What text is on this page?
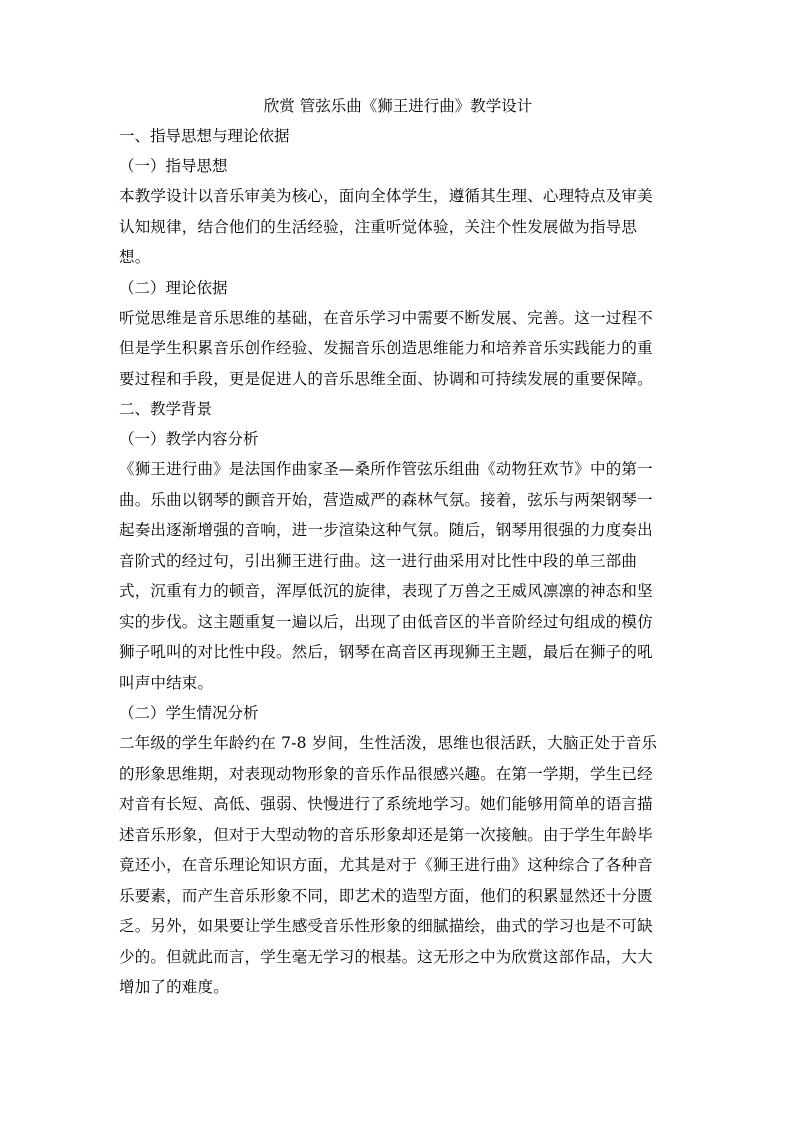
欣赏 管弦乐曲《狮王进行曲》教学设计
一、指导思想与理论依据
（一）指导思想
本教学设计以音乐审美为核心，面向全体学生，遵循其生理、心理特点及审美
认知规律，结合他们的生活经验，注重听觉体验，关注个性发展做为指导思
想。
（二）理论依据
听觉思维是音乐思维的基础，在音乐学习中需要不断发展、完善。这一过程不
但是学生积累音乐创作经验、发掘音乐创造思维能力和培养音乐实践能力的重
要过程和手段，更是促进人的音乐思维全面、协调和可持续发展的重要保障。
二、教学背景
（一）教学内容分析
《狮王进行曲》是法国作曲家圣—桑所作管弦乐组曲《动物狂欢节》中的第一
曲。乐曲以钢琴的颤音开始，营造威严的森林气氛。接着，弦乐与两架钢琴一
起奏出逐渐增强的音响，进一步渲染这种气氛。随后，钢琴用很强的力度奏出
音阶式的经过句，引出狮王进行曲。这一进行曲采用对比性中段的单三部曲
式，沉重有力的顿音，浑厚低沉的旋律，表现了万兽之王威风凛凛的神态和坚
实的步伐。这主题重复一遍以后，出现了由低音区的半音阶经过句组成的模仿
狮子吼叫的对比性中段。然后，钢琴在高音区再现狮王主题，最后在狮子的吼
叫声中结束。
（二）学生情况分析
二年级的学生年龄约在 7-8 岁间，生性活泼，思维也很活跃，大脑正处于音乐
的形象思维期，对表现动物形象的音乐作品很感兴趣。在第一学期，学生已经
对音有长短、高低、强弱、快慢进行了系统地学习。她们能够用简单的语言描
述音乐形象，但对于大型动物的音乐形象却还是第一次接触。由于学生年龄毕
竟还小，在音乐理论知识方面，尤其是对于《狮王进行曲》这种综合了各种音
乐要素，而产生音乐形象不同，即艺术的造型方面，他们的积累显然还十分匮
乏。另外，如果要让学生感受音乐性形象的细腻描绘，曲式的学习也是不可缺
少的。但就此而言，学生毫无学习的根基。这无形之中为欣赏这部作品，大大
增加了的难度。
